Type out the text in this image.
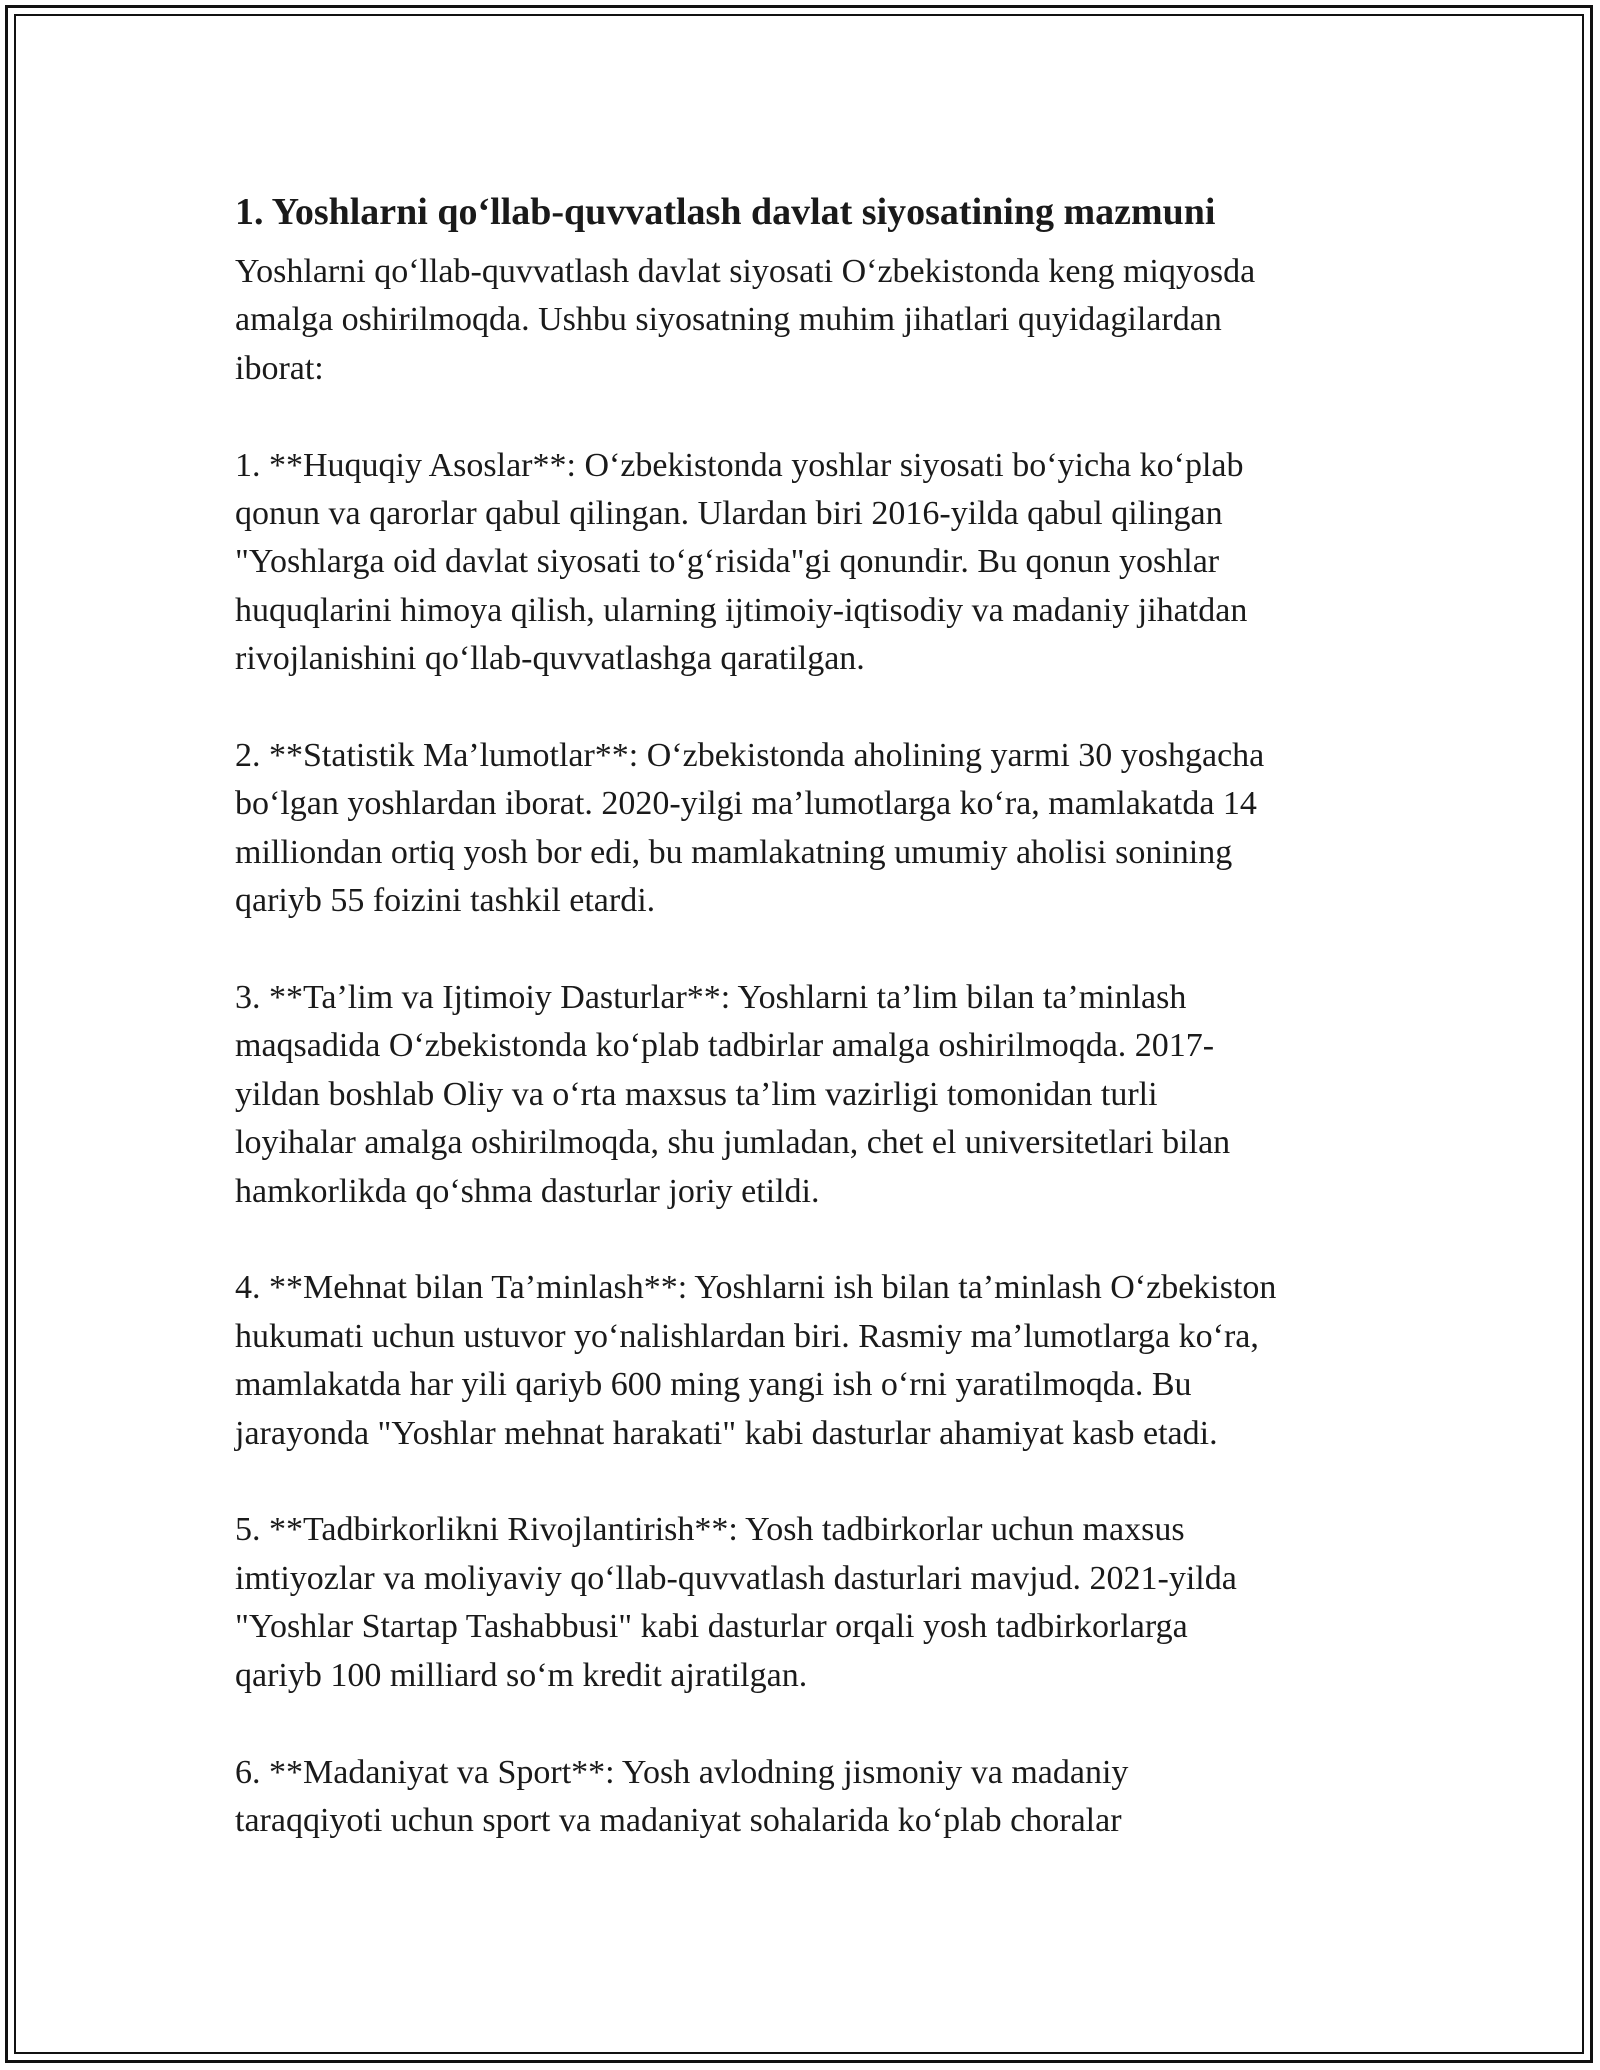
1. Yoshlarni qo‘llab-quvvatlash davlat siyosatining mazmuni

Yoshlarni qo‘llab-quvvatlash davlat siyosati O‘zbekistonda keng miqyosda
amalga oshirilmoqda. Ushbu siyosatning muhim jihatlari quyidagilardan
iborat:

1. **Huquqiy Asoslar**: O‘zbekistonda yoshlar siyosati bo‘yicha ko‘plab
qonun va qarorlar qabul qilingan. Ulardan biri 2016-yilda qabul qilingan
"Yoshlarga oid davlat siyosati to‘g‘risida"gi qonundir. Bu qonun yoshlar
huquqlarini himoya qilish, ularning ijtimoiy-iqtisodiy va madaniy jihatdan
rivojlanishini qo‘llab-quvvatlashga qaratilgan.

2. **Statistik Ma’lumotlar**: O‘zbekistonda aholining yarmi 30 yoshgacha
bo‘lgan yoshlardan iborat. 2020-yilgi ma’lumotlarga ko‘ra, mamlakatda 14
milliondan ortiq yosh bor edi, bu mamlakatning umumiy aholisi sonining
qariyb 55 foizini tashkil etardi.

3. **Ta’lim va Ijtimoiy Dasturlar**: Yoshlarni ta’lim bilan ta’minlash
maqsadida O‘zbekistonda ko‘plab tadbirlar amalga oshirilmoqda. 2017-
yildan boshlab Oliy va o‘rta maxsus ta’lim vazirligi tomonidan turli
loyihalar amalga oshirilmoqda, shu jumladan, chet el universitetlari bilan
hamkorlikda qo‘shma dasturlar joriy etildi.

4. **Mehnat bilan Ta’minlash**: Yoshlarni ish bilan ta’minlash O‘zbekiston
hukumati uchun ustuvor yo‘nalishlardan biri. Rasmiy ma’lumotlarga ko‘ra,
mamlakatda har yili qariyb 600 ming yangi ish o‘rni yaratilmoqda. Bu
jarayonda "Yoshlar mehnat harakati" kabi dasturlar ahamiyat kasb etadi.

5. **Tadbirkorlikni Rivojlantirish**: Yosh tadbirkorlar uchun maxsus
imtiyozlar va moliyaviy qo‘llab-quvvatlash dasturlari mavjud. 2021-yilda
"Yoshlar Startap Tashabbusi" kabi dasturlar orqali yosh tadbirkorlarga
qariyb 100 milliard so‘m kredit ajratilgan.

6. **Madaniyat va Sport**: Yosh avlodning jismoniy va madaniy
taraqqiyoti uchun sport va madaniyat sohalarida ko‘plab choralar
